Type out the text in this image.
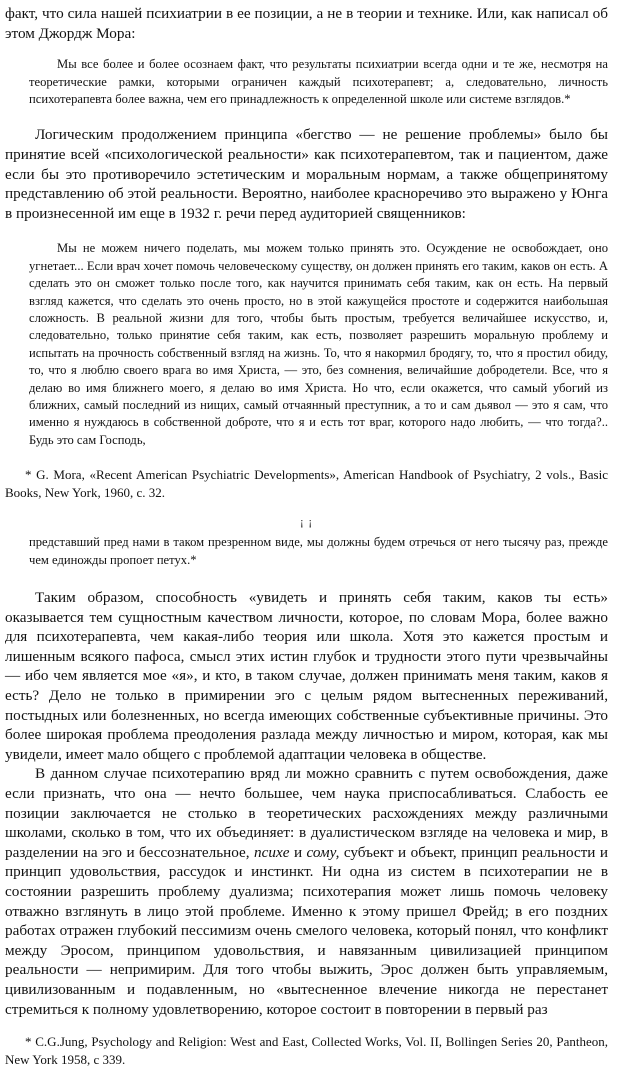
факт, что сила нашей психиатрии в ее позиции, а не в теории и технике. Или, как написал об этом Джордж Мора:

Мы все более и более осознаем факт, что результаты психиатрии всегда одни и те же, несмотря на теоретические рамки, которыми ограничен каждый психотерапевт; а, следовательно, личность психотерапевта более важна, чем его принадлежность к определенной школе или системе взглядов.*

Логическим продолжением принципа «бегство — не решение проблемы» было бы принятие всей «психологической реальности» как психотерапевтом, так и пациентом, даже если бы это противоречило эстетическим и моральным нормам, а также общепринятому представлению об этой реальности. Вероятно, наиболее красноречиво это выражено у Юнга в произнесенной им еще в 1932 г. речи перед аудиторией священников:

Мы не можем ничего поделать, мы можем только принять это. Осуждение не освобождает, оно угнетает... Если врач хочет помочь человеческому существу, он должен принять его таким, каков он есть. А сделать это он сможет только после того, как научится принимать себя таким, как он есть. На первый взгляд кажется, что сделать это очень просто, но в этой кажущейся простоте и содержится наибольшая сложность. В реальной жизни для того, чтобы быть простым, требуется величайшее искусство, и, следовательно, только принятие себя таким, как есть, позволяет разрешить моральную проблему и испытать на прочность собственный взгляд на жизнь. То, что я накормил бродягу, то, что я простил обиду, то, что я люблю своего врага во имя Христа, — это, без сомнения, величайшие добродетели. Все, что я делаю во имя ближнего моего, я делаю во имя Христа. Но что, если окажется, что самый убогий из ближних, самый последний из нищих, самый отчаянный преступник, а то и сам дьявол — это я сам, что именно я нуждаюсь в собственной доброте, что я и есть тот враг, которого надо любить, — что тогда?.. Будь это сам Господь,

* G. Mora, «Recent American Psychiatric Developments», American Handbook of Psychiatry, 2 vols., Basic Books, New York, 1960, с. 32.

¡ ¡

представший пред нами в таком презренном виде, мы должны будем отречься от него тысячу раз, прежде чем единожды пропоет петух.*

Таким образом, способность «увидеть и принять себя таким, каков ты есть» оказывается тем сущностным качеством личности, которое, по словам Мора, более важно для психотерапевта, чем какая-либо теория или школа. Хотя это кажется простым и лишенным всякого пафоса, смысл этих истин глубок и трудности этого пути чрезвычайны — ибо чем является мое «я», и кто, в таком случае, должен принимать меня таким, каков я есть? Дело не только в примирении эго с целым рядом вытесненных переживаний, постыдных или болезненных, но всегда имеющих собственные субъективные причины. Это более широкая проблема преодоления разлада между личностью и миром, которая, как мы увидели, имеет мало общего с проблемой адаптации человека в обществе.

В данном случае психотерапию вряд ли можно сравнить с путем освобождения, даже если признать, что она — нечто большее, чем наука приспосабливаться. Слабость ее позиции заключается не столько в теоретических расхождениях между различными школами, сколько в том, что их объединяет: в дуалистическом взгляде на человека и мир, в разделении на эго и бессознательное, психе и сому, субъект и объект, принцип реальности и принцип удовольствия, рассудок и инстинкт. Ни одна из систем в психотерапии не в состоянии разрешить проблему дуализма; психотерапия может лишь помочь человеку отважно взглянуть в лицо этой проблеме. Именно к этому пришел Фрейд; в его поздних работах отражен глубокий пессимизм очень смелого человека, который понял, что конфликт между Эросом, принципом удовольствия, и навязанным цивилизацией принципом реальности — непримирим. Для того чтобы выжить, Эрос должен быть управляемым, цивилизованным и подавленным, но «вытесненное влечение никогда не перестанет стремиться к полному удовлетворению, которое состоит в повторении в первый раз

* C.G.Jung, Psychology and Religion: West and East, Collected Works, Vol. II, Bollingen Series 20, Pantheon, New York 1958, с 339.
